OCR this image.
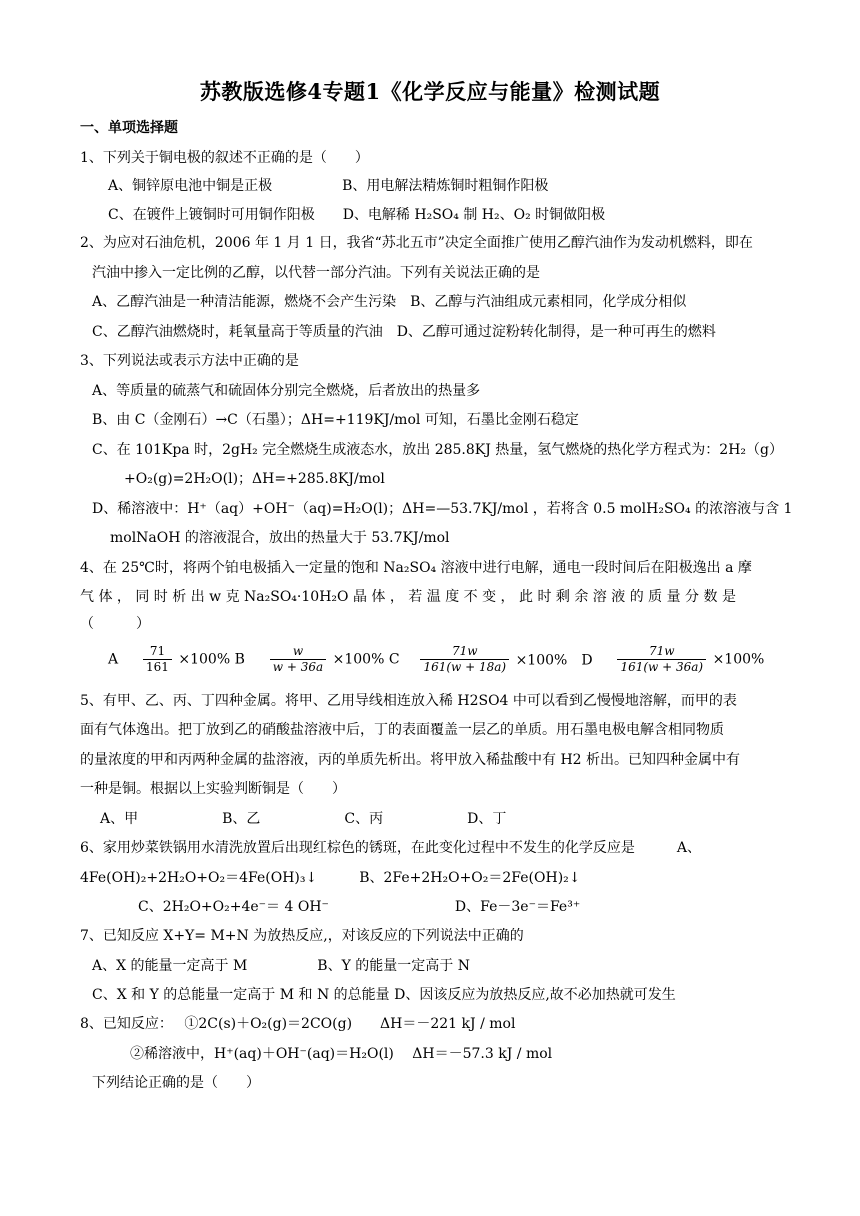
苏教版选修4专题1《化学反应与能量》检测试题
一、单项选择题
1、下列关于铜电极的叙述不正确的是（　　）
A、铜锌原电池中铜是正极　　　　　B、用电解法精炼铜时粗铜作阳极
C、在镀件上镀铜时可用铜作阳极　　D、电解稀 H₂SO₄ 制 H₂、O₂ 时铜做阳极
2、为应对石油危机，2006 年 1 月 1 日，我省“苏北五市”决定全面推广使用乙醇汽油作为发动机燃料，即在
汽油中掺入一定比例的乙醇，以代替一部分汽油。下列有关说法正确的是
A、乙醇汽油是一种清洁能源，燃烧不会产生污染　B、乙醇与汽油组成元素相同，化学成分相似
C、乙醇汽油燃烧时，耗氧量高于等质量的汽油　D、乙醇可通过淀粉转化制得，是一种可再生的燃料
3、下列说法或表示方法中正确的是
A、等质量的硫蒸气和硫固体分别完全燃烧，后者放出的热量多
B、由 C（金刚石）→C（石墨）；ΔH=+119KJ/mol 可知，石墨比金刚石稳定
C、在 101Kpa 时，2gH₂ 完全燃烧生成液态水，放出 285.8KJ 热量，氢气燃烧的热化学方程式为：2H₂（g）
+O₂(g)=2H₂O(l)；ΔH=+285.8KJ/mol
D、稀溶液中：H⁺（aq）+OH⁻（aq)=H₂O(l)；ΔH=—53.7KJ/mol ，若将含 0.5 molH₂SO₄ 的浓溶液与含 1
molNaOH 的溶液混合，放出的热量大于 53.7KJ/mol
4、在 25℃时，将两个铂电极插入一定量的饱和 Na₂SO₄ 溶液中进行电解，通电一段时间后在阳极逸出 a 摩
气 体 ， 同 时 析 出 w 克 Na₂SO₄·10H₂O 晶 体 ， 若 温 度 不 变 ， 此 时 剩 余 溶 液 的 质 量 分 数 是
（　　　）
A $\frac{71}{161} \times 100\%$ B $\frac{w}{w + 36a} \times 100\%$ C $\frac{71w}{161(w + 18a)} \times 100\%$　D $\frac{71w}{161(w + 36a)} \times 100\%$
5、有甲、乙、丙、丁四种金属。将甲、乙用导线相连放入稀 H2SO4 中可以看到乙慢慢地溶解，而甲的表
面有气体逸出。把丁放到乙的硝酸盐溶液中后，丁的表面覆盖一层乙的单质。用石墨电极电解含相同物质
的量浓度的甲和丙两种金属的盐溶液，丙的单质先析出。将甲放入稀盐酸中有 H2 析出。已知四种金属中有
一种是铜。根据以上实验判断铜是（　　）
A、甲　　　　　　B、乙　　　　　　C、丙　　　　　　D、丁
6、家用炒菜铁锅用水清洗放置后出现红棕色的锈斑，在此变化过程中不发生的化学反应是　　　A、
4Fe(OH)₂+2H₂O+O₂＝4Fe(OH)₃↓　　　B、2Fe+2H₂O+O₂＝2Fe(OH)₂↓
C、2H₂O+O₂+4e⁻＝ 4 OH⁻　　　　　　　　　D、Fe－3e⁻＝Fe³⁺
7、已知反应 X+Y= M+N 为放热反应,，对该反应的下列说法中正确的
A、X 的能量一定高于 M　　　　　B、Y 的能量一定高于 N
C、X 和 Y 的总能量一定高于 M 和 N 的总能量 D、因该反应为放热反应,故不必加热就可发生
8、已知反应：　 ①2C(s)＋O₂(g)＝2CO(g)　　ΔH＝－221 kJ / mol
②稀溶液中，H⁺(aq)＋OH⁻(aq)＝H₂O(l)　 ΔH＝－57.3 kJ / mol
下列结论正确的是（　　）
